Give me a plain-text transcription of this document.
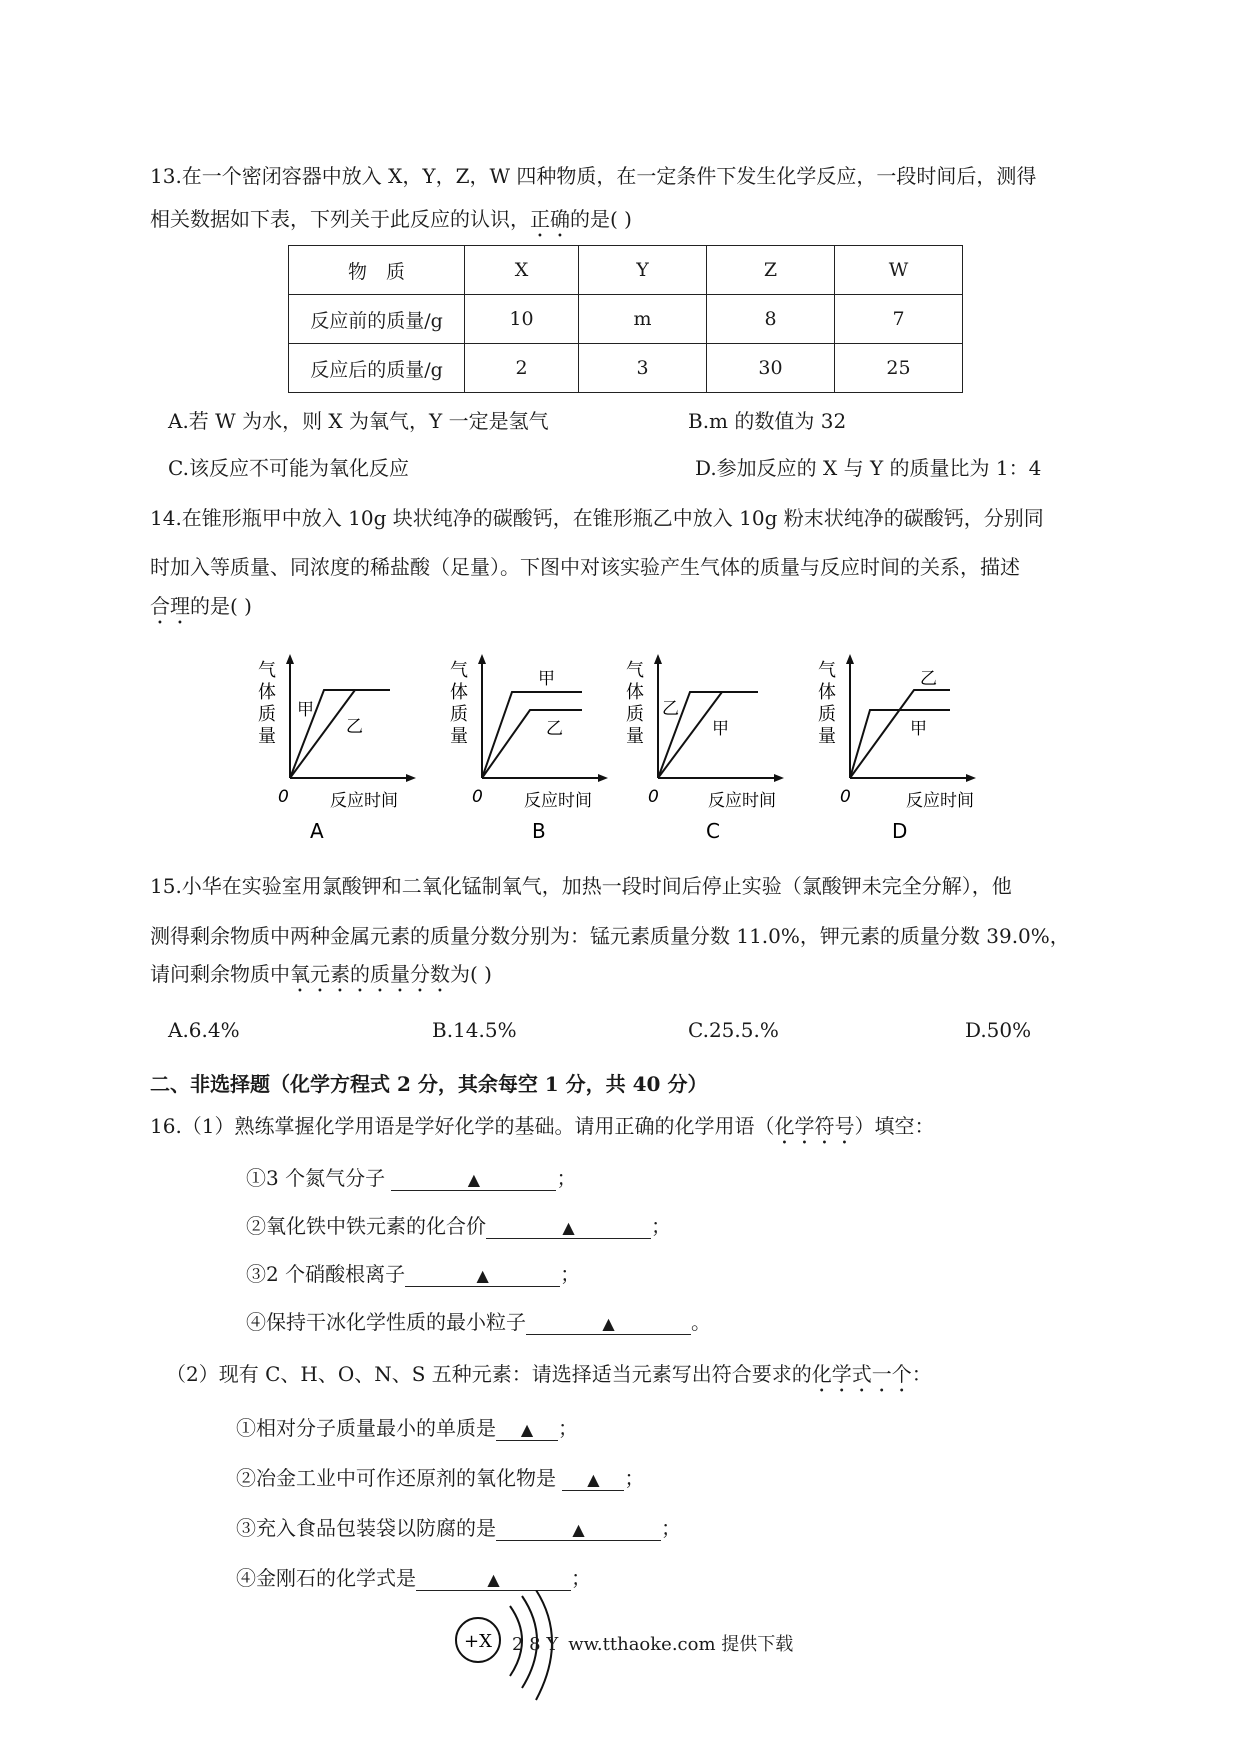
13.在一个密闭容器中放入 X，Y，Z，W 四种物质，在一定条件下发生化学反应，一段时间后，测得
相关数据如下表，下列关于此反应的认识，正确的是( )
物　质	X	Y	Z	W
反应前的质量/g	10	m	8	7
反应后的质量/g	2	3	30	25
A.若 W 为水，则 X 为氧气，Y 一定是氢气	B.m 的数值为 32
C.该反应不可能为氧化反应	D.参加反应的 X 与 Y 的质量比为 1：4
14.在锥形瓶甲中放入 10g 块状纯净的碳酸钙，在锥形瓶乙中放入 10g 粉末状纯净的碳酸钙，分别同
时加入等质量、同浓度的稀盐酸（足量）。下图中对该实验产生气体的质量与反应时间的关系，描述
合理的是( )
气
体
质
量
甲
乙
0 反应时间
A
气
体
质
量
甲
乙
0 反应时间
B
气
体
质
量
乙
甲
0	反应时间
C
气
体
质
量
乙
甲
0	反应时间
D
15.小华在实验室用氯酸钾和二氧化锰制氧气，加热一段时间后停止实验（氯酸钾未完全分解），他
测得剩余物质中两种金属元素的质量分数分别为：锰元素质量分数 11.0%，钾元素的质量分数 39.0%，
请问剩余物质中氧元素的质量分数为( )
A.6.4%	B.14.5%	C.25.5.%	D.50%
二、非选择题（化学方程式 2 分，其余每空 1 分，共 40 分）
16.（1）熟练掌握化学用语是学好化学的基础。请用正确的化学用语（化学符号）填空：
①3 个氮气分子	▲	；
②氧化铁中铁元素的化合价	▲	；
③2 个硝酸根离子	▲	；
④保持干冰化学性质的最小粒子	▲	。
（2）现有 C、H、O、N、S 五种元素：请选择适当元素写出符合要求的化学式一个：
①相对分子质量最小的单质是 ▲ ；
②冶金工业中可作还原剂的氧化物是 ▲ ；
③充入食品包装袋以防腐的是	▲	；
④金刚石的化学式是	▲	；
+X 2 8 Y ww.tthaoke.com 提供下载
